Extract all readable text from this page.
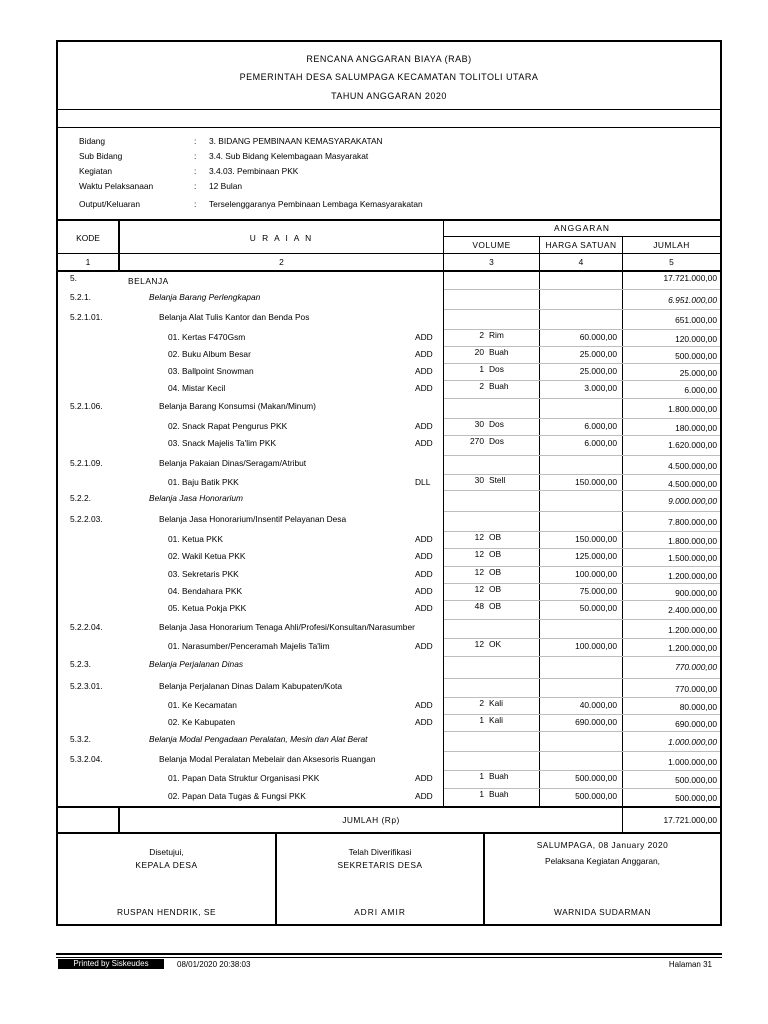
RENCANA ANGGARAN BIAYA (RAB)
PEMERINTAH DESA SALUMPAGA KECAMATAN TOLITOLI UTARA
TAHUN ANGGARAN 2020
Bidang	: 3. BIDANG PEMBINAAN KEMASYARAKATAN
Sub Bidang	: 3.4. Sub Bidang Kelembagaan Masyarakat
Kegiatan	: 3.4.03. Pembinaan PKK
Waktu Pelaksanaan	: 12 Bulan
Output/Keluaran	: Terselenggaranya Pembinaan Lembaga Kemasyarakatan
KODE	U R A I A N
ANGGARAN
VOLUME	HARGA SATUAN	JUMLAH
1	2	3	4	5
5.	BELANJA	17.721.000,00
5.2.1.	Belanja Barang Perlengkapan	6.951.000,00
5.2.1.01.	Belanja Alat Tulis Kantor dan Benda Pos	651.000,00
01. Kertas F470Gsm	ADD	2 Rim	60.000,00	120.000,00
02. Buku Album Besar	ADD	20 Buah	25.000,00	500.000,00
03. Ballpoint Snowman	ADD	1 Dos	25.000,00	25.000,00
04. Mistar Kecil	ADD	2 Buah	3.000,00	6.000,00
5.2.1.06.	Belanja Barang Konsumsi (Makan/Minum)	1.800.000,00
02. Snack Rapat Pengurus PKK	ADD	30 Dos	6.000,00	180.000,00
03. Snack Majelis Ta'lim PKK	ADD	270 Dos	6.000,00	1.620.000,00
5.2.1.09.	Belanja Pakaian Dinas/Seragam/Atribut	4.500.000,00
01. Baju Batik PKK	DLL	30 Stell	150.000,00	4.500.000,00
5.2.2.	Belanja Jasa Honorarium	9.000.000,00
5.2.2.03.	Belanja Jasa Honorarium/Insentif Pelayanan Desa	7.800.000,00
01. Ketua PKK	ADD	12 OB	150.000,00	1.800.000,00
02. Wakil Ketua PKK	ADD	12 OB	125.000,00	1.500.000,00
03. Sekretaris PKK	ADD	12 OB	100.000,00	1.200.000,00
04. Bendahara PKK	ADD	12 OB	75.000,00	900.000,00
05. Ketua Pokja PKK	ADD	48 OB	50.000,00	2.400.000,00
5.2.2.04.	Belanja Jasa Honorarium Tenaga Ahli/Profesi/Konsultan/Narasumber	1.200.000,00
01. Narasumber/Penceramah Majelis Ta'lim	ADD	12 OK	100.000,00	1.200.000,00
5.2.3.	Belanja Perjalanan Dinas	770.000,00
5.2.3.01.	Belanja Perjalanan Dinas Dalam Kabupaten/Kota	770.000,00
01. Ke Kecamatan	ADD	2 Kali	40.000,00	80.000,00
02. Ke Kabupaten	ADD	1 Kali	690.000,00	690.000,00
5.3.2.	Belanja Modal Pengadaan Peralatan, Mesin dan Alat Berat	1.000.000,00
5.3.2.04.	Belanja Modal Peralatan Mebelair dan Aksesoris Ruangan	1.000.000,00
01. Papan Data Struktur Organisasi PKK	ADD	1 Buah	500.000,00	500.000,00
02. Papan Data Tugas & Fungsi PKK	ADD	1 Buah	500.000,00	500.000,00
JUMLAH (Rp)	17.721.000,00
Disetujui,
KEPALA DESA
RUSPAN HENDRIK, SE
Telah Diverifikasi
SEKRETARIS DESA
ADRI AMIR
SALUMPAGA, 08 January 2020
Pelaksana Kegiatan Anggaran,
WARNIDA SUDARMAN
Printed by Siskeudes	08/01/2020 20:38:03	Halaman 31
